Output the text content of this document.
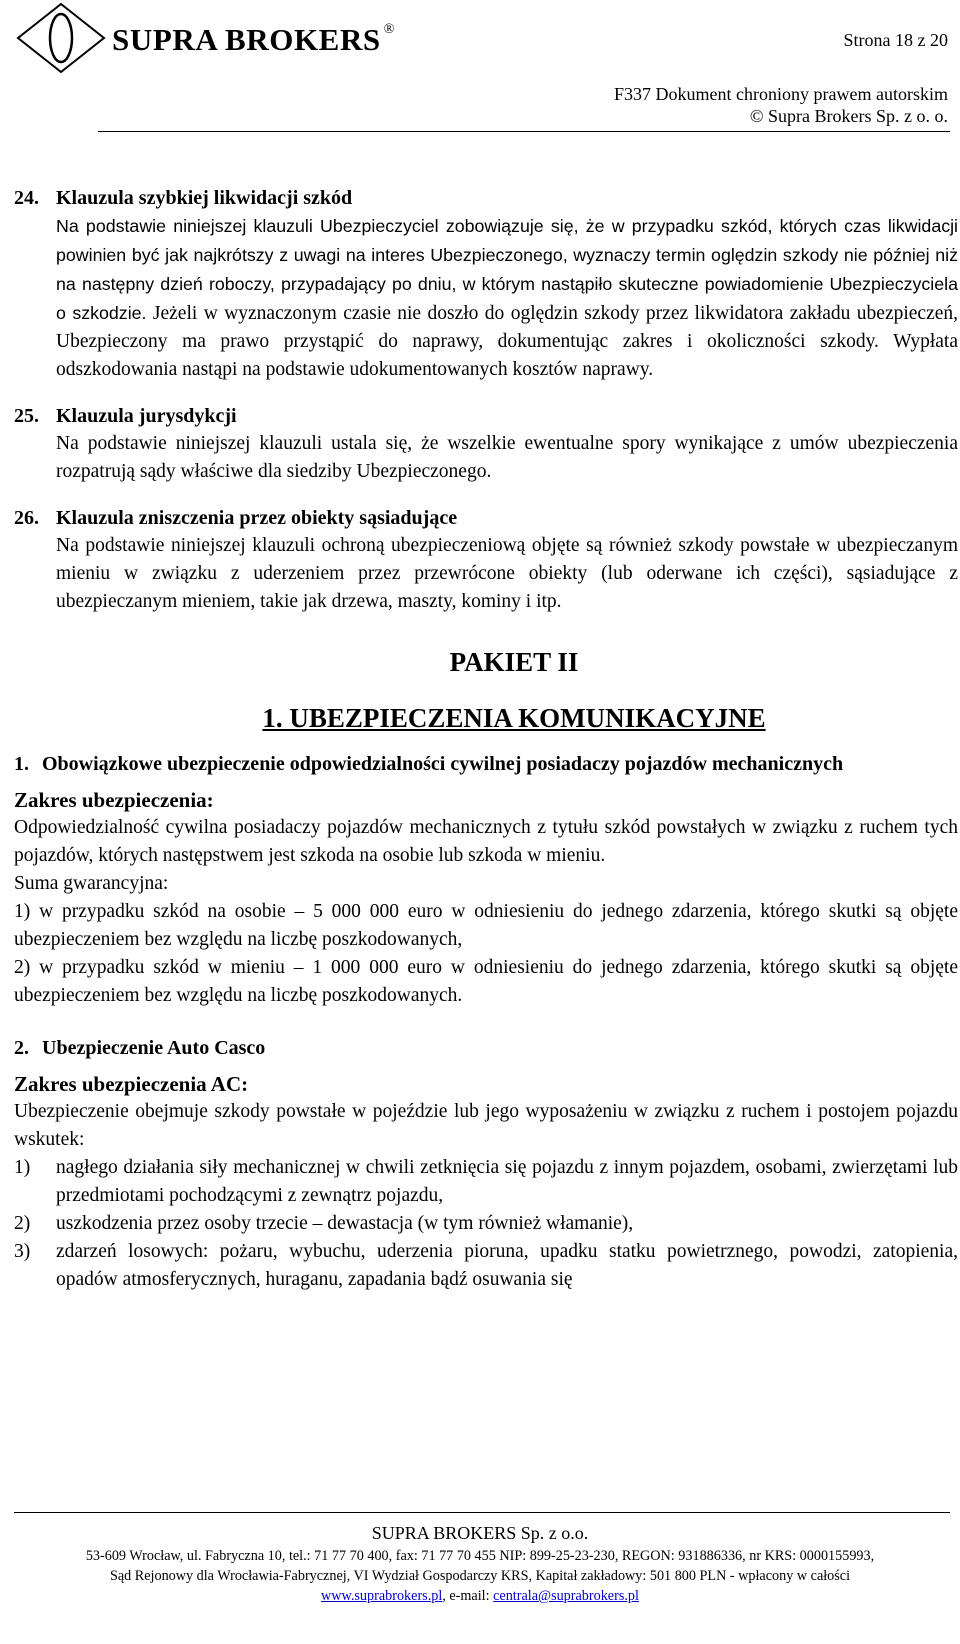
SUPRA BROKERS ®
Strona 18 z 20
F337 Dokument chroniony prawem autorskim
© Supra Brokers Sp. z o. o.
24. Klauzula szybkiej likwidacji szkód
Na podstawie niniejszej klauzuli Ubezpieczyciel zobowiązuje się, że w przypadku szkód, których czas likwidacji powinien być jak najkrótszy z uwagi na interes Ubezpieczonego, wyznaczy termin oględzin szkody nie później niż na następny dzień roboczy, przypadający po dniu, w którym nastąpiło skuteczne powiadomienie Ubezpieczyciela o szkodzie. Jeżeli w wyznaczonym czasie nie doszło do oględzin szkody przez likwidatora zakładu ubezpieczeń, Ubezpieczony ma prawo przystąpić do naprawy, dokumentując zakres i okoliczności szkody. Wypłata odszkodowania nastąpi na podstawie udokumentowanych kosztów naprawy.
25. Klauzula jurysdykcji
Na podstawie niniejszej klauzuli ustala się, że wszelkie ewentualne spory wynikające z umów ubezpieczenia rozpatrują sądy właściwe dla siedziby Ubezpieczonego.
26. Klauzula zniszczenia przez obiekty sąsiadujące
Na podstawie niniejszej klauzuli ochroną ubezpieczeniową objęte są również szkody powstałe w ubezpieczanym mieniu w związku z uderzeniem przez przewrócone obiekty (lub oderwane ich części), sąsiadujące z ubezpieczanym mieniem, takie jak drzewa, maszty, kominy i itp.
PAKIET II
1. UBEZPIECZENIA KOMUNIKACYJNE
1. Obowiązkowe ubezpieczenie odpowiedzialności cywilnej posiadaczy pojazdów mechanicznych
Zakres ubezpieczenia:
Odpowiedzialność cywilna posiadaczy pojazdów mechanicznych z tytułu szkód powstałych w związku z ruchem tych pojazdów, których następstwem jest szkoda na osobie lub szkoda w mieniu.
Suma gwarancyjna:
1) w przypadku szkód na osobie – 5 000 000 euro w odniesieniu do jednego zdarzenia, którego skutki są objęte ubezpieczeniem bez względu na liczbę poszkodowanych,
2) w przypadku szkód w mieniu – 1 000 000 euro w odniesieniu do jednego zdarzenia, którego skutki są objęte ubezpieczeniem bez względu na liczbę poszkodowanych.
2. Ubezpieczenie Auto Casco
Zakres ubezpieczenia AC:
Ubezpieczenie obejmuje szkody powstałe w pojeździe lub jego wyposażeniu w związku z ruchem i postojem pojazdu wskutek:
1)	nagłego działania siły mechanicznej w chwili zetknięcia się pojazdu z innym pojazdem, osobami, zwierzętami lub przedmiotami pochodzącymi z zewnątrz pojazdu,
2)	uszkodzenia przez osoby trzecie – dewastacja (w tym również włamanie),
3)	zdarzeń losowych: pożaru, wybuchu, uderzenia pioruna, upadku statku powietrznego, powodzi, zatopienia, opadów atmosferycznych, huraganu, zapadania bądź osuwania się
SUPRA BROKERS Sp. z o.o.
53-609 Wrocław, ul. Fabryczna 10, tel.: 71 77 70 400, fax: 71 77 70 455 NIP: 899-25-23-230, REGON: 931886336, nr KRS: 0000155993,
Sąd Rejonowy dla Wrocławia-Fabrycznej, VI Wydział Gospodarczy KRS, Kapitał zakładowy: 501 800 PLN - wpłacony w całości
www.suprabrokers.pl, e-mail: centrala@suprabrokers.pl
